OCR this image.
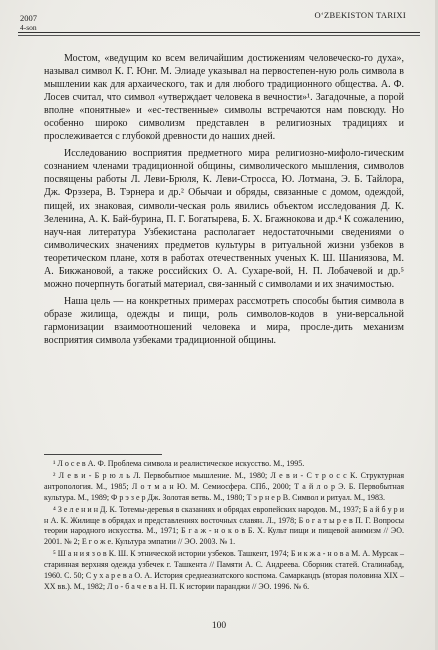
2007
4-son
O‘ZBEKISTON TARIXI

Мостом, «ведущим ко всем величайшим достижениям человеческо-го духа», называл символ К. Г. Юнг. М. Элиаде указывал на первостепен-ную роль символа в мышлении как для архаического, так и для любого традиционного общества. А. Ф. Лосев считал, что символ «утверждает человека в вечности»¹. Загадочные, а порой вполне «понятные» и «ес-тественные» символы встречаются нам повсюду. Но особенно широко символизм представлен в религиозных традициях и прослеживается с глубокой древности до наших дней.

Исследованию восприятия предметного мира религиозно-мифоло-гическим сознанием членами традиционной общины, символического мышления, символов посвящены работы Л. Леви-Брюля, К. Леви-Стросса, Ю. Лотмана, Э. Б. Тайлора, Дж. Фрэзера, В. Тэрнера и др.² Обычаи и обряды, связанные с домом, одеждой, пищей, их знаковая, символи-ческая роль явились объектом исследования Д. К. Зеленина, А. К. Бай-бурина, П. Г. Богатырева, Б. Х. Бгажнокова и др.⁴ К сожалению, науч-ная литература Узбекистана располагает недостаточными сведениями о символических значениях предметов культуры в ритуальной жизни узбеков в теоретическом плане, хотя в работах отечественных ученых К. Ш. Шаниязова, М. А. Бикжановой, а также российских О. А. Сухаре-вой, Н. П. Лобачевой и др.⁵ можно почерпнуть богатый материал, свя-занный с символами и их значимостью.

Наша цель — на конкретных примерах рассмотреть способы бытия символа в образе жилища, одежды и пищи, роль символов-кодов в уни-версальной гармонизации взаимоотношений человека и мира, просле-дить механизм восприятия символа узбеками традиционной общины.

¹ Л о с е в А. Ф. Проблема символа и реалистическое искусство. М., 1995.

² Л е в и - Б р ю л ь Л. Первобытное мышление. М., 1980; Л е в и - С т р о с с К. Структурная антропология. М., 1985; Л о т м а н Ю. М. Семиосфера. СПб., 2000; Т а й л о р Э. Б. Первобытная культура. М., 1989; Ф р э з е р Дж. Золотая ветвь. М., 1980; Т э р н е р В. Символ и ритуал. М., 1983.

⁴ З е л е н и н Д. К. Тотемы-деревья в сказаниях и обрядах европейских народов. М., 1937; Б а й б у р и н А. К. Жилище в обрядах и представлениях восточных славян. Л., 1978; Б о г а т ы р е в П. Г. Вопросы теории народного искусства. М., 1971; Б г а ж - н о к о в Б. Х. Культ пищи и пищевой анимизм // ЭО. 2001. № 2; Е г о ж е. Культура эмпатии // ЭО. 2003. № 1.

⁵ Ш а н и я з о в К. Ш. К этнической истории узбеков. Ташкент, 1974; Б и к ж а - н о в а М. А. Мурсак – старинная верхняя одежда узбечек г. Ташкента // Памяти А. С. Андреева. Сборник статей. Сталинабад, 1960. С. 50; С у х а р е в а О. А. История среднеазиатского костюма. Самаркандъ (вторая половина XIX – XX вв.). М., 1982; Л о - б а ч е в а Н. П. К истории паранджи // ЭО. 1996. № 6.

100
